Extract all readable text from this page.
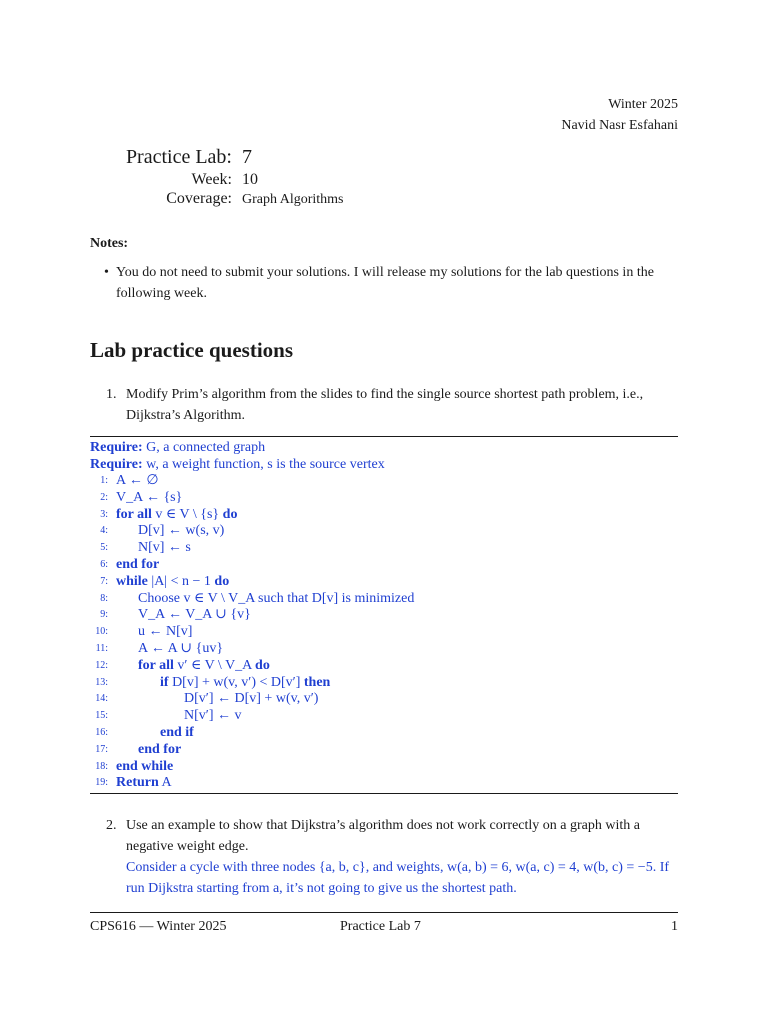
Winter 2025
Navid Nasr Esfahani
Practice Lab: 7
Week: 10
Coverage: Graph Algorithms
Notes:
• You do not need to submit your solutions. I will release my solutions for the lab questions in the following week.
Lab practice questions
1. Modify Prim’s algorithm from the slides to find the single source shortest path problem, i.e., Dijkstra’s Algorithm.
Require: G, a connected graph
Require: w, a weight function, s is the source vertex
1: A ← ∅
2: V_A ← {s}
3: for all v ∈ V \ {s} do
4: D[v] ← w(s, v)
5: N[v] ← s
6: end for
7: while |A| < n − 1 do
8: Choose v ∈ V \ V_A such that D[v] is minimized
9: V_A ← V_A ∪ {v}
10: u ← N[v]
11: A ← A ∪ {uv}
12: for all v′ ∈ V \ V_A do
13:	if D[v] + w(v, v′) < D[v′] then
14:	D[v′] ← D[v] + w(v, v′)
15:	N[v′] ← v
16:	end if
17: end for
18: end while
19: Return A
2. Use an example to show that Dijkstra’s algorithm does not work correctly on a graph with a negative weight edge.
Consider a cycle with three nodes {a, b, c}, and weights, w(a, b) = 6, w(a, c) = 4, w(b, c) = −5. If run Dijkstra starting from a, it’s not going to give us the shortest path.
CPS616 — Winter 2025	Practice Lab 7	1
